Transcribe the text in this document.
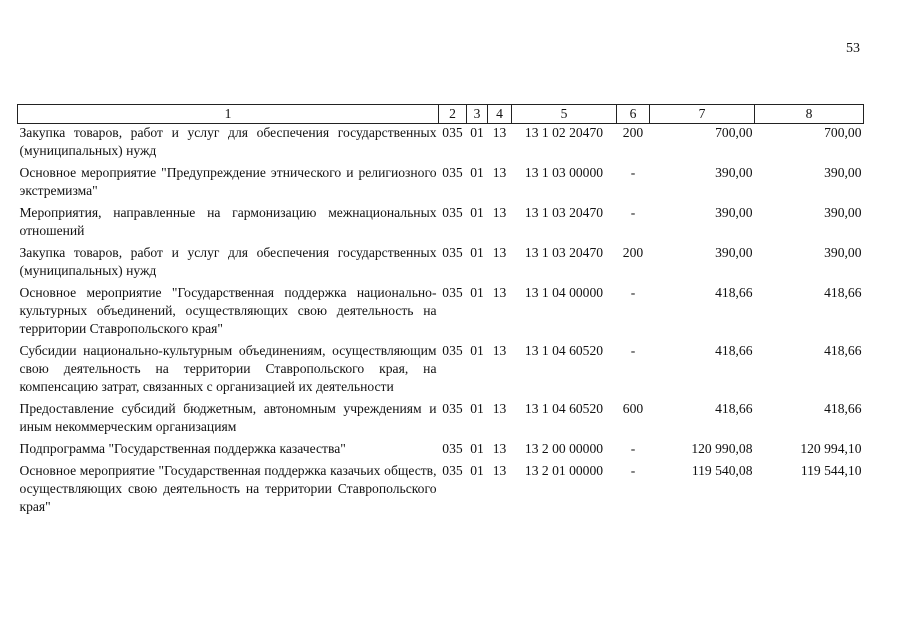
53
1	2	3	4	5	6	7	8
Закупка товаров, работ и услуг для обеспечения государственных (муниципальных) нужд	035	01	13	13 1 02 20470	200	700,00	700,00
Основное мероприятие "Предупреждение этнического и религиозного экстремизма"	035	01	13	13 1 03 00000	-	390,00	390,00
Мероприятия, направленные на гармонизацию межнациональных отношений	035	01	13	13 1 03 20470	-	390,00	390,00
Закупка товаров, работ и услуг для обеспечения государственных (муниципальных) нужд	035	01	13	13 1 03 20470	200	390,00	390,00
Основное мероприятие "Государственная поддержка национально-культурных объединений, осуществляющих свою деятельность на территории Ставропольского края"	035	01	13	13 1 04 00000	-	418,66	418,66
Субсидии национально-культурным объединениям, осуществляющим свою деятельность на территории Ставропольского края, на компенсацию затрат, связанных с организацией их деятельности	035	01	13	13 1 04 60520	-	418,66	418,66
Предоставление субсидий бюджетным, автономным учреждениям и иным некоммерческим организациям	035	01	13	13 1 04 60520	600	418,66	418,66
Подпрограмма "Государственная поддержка казачества"	035	01	13	13 2 00 00000	-	120 990,08	120 994,10
Основное мероприятие "Государственная поддержка казачьих обществ, осуществляющих свою деятельность на территории Ставропольского края"	035	01	13	13 2 01 00000	-	119 540,08	119 544,10
